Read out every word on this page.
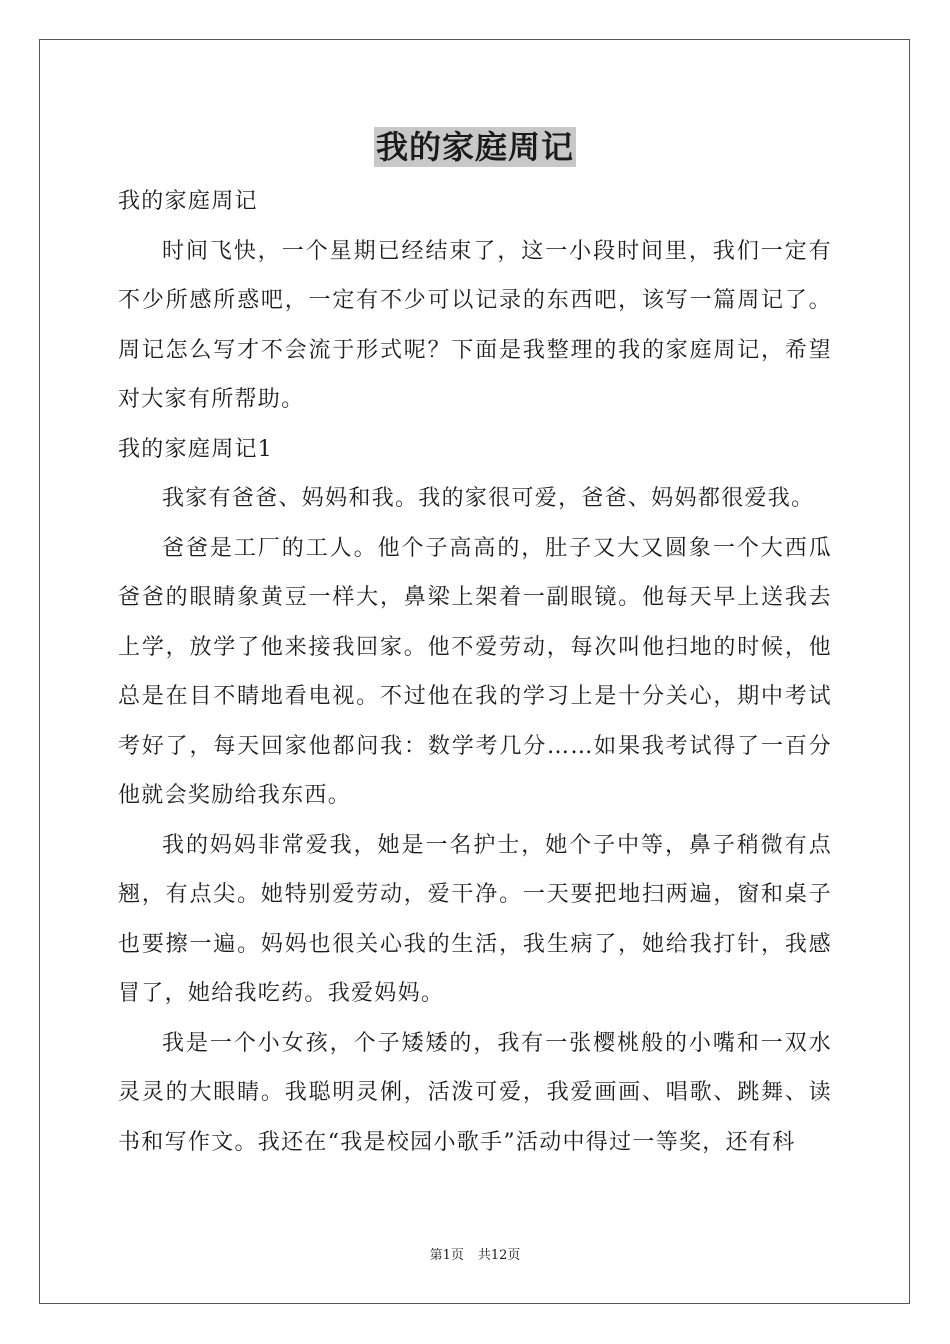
我的家庭周记

我的家庭周记

时间飞快，一个星期已经结束了，这一小段时间里，我们一定有不少所感所惑吧，一定有不少可以记录的东西吧，该写一篇周记了。周记怎么写才不会流于形式呢？下面是我整理的我的家庭周记，希望对大家有所帮助。

我的家庭周记1

我家有爸爸、妈妈和我。我的家很可爱，爸爸、妈妈都很爱我。

爸爸是工厂的工人。他个子高高的，肚子又大又圆象一个大西瓜爸爸的眼睛象黄豆一样大，鼻梁上架着一副眼镜。他每天早上送我去上学，放学了他来接我回家。他不爱劳动，每次叫他扫地的时候，他总是在目不睛地看电视。不过他在我的学习上是十分关心，期中考试考好了，每天回家他都问我：数学考几分……如果我考试得了一百分他就会奖励给我东西。

我的妈妈非常爱我，她是一名护士，她个子中等，鼻子稍微有点翘，有点尖。她特别爱劳动，爱干净。一天要把地扫两遍，窗和桌子也要擦一遍。妈妈也很关心我的生活，我生病了，她给我打针，我感冒了，她给我吃药。我爱妈妈。

我是一个小女孩，个子矮矮的，我有一张樱桃般的小嘴和一双水灵灵的大眼睛。我聪明灵俐，活泼可爱，我爱画画、唱歌、跳舞、读书和写作文。我还在“我是校园小歌手”活动中得过一等奖，还有科

第1页 共12页
